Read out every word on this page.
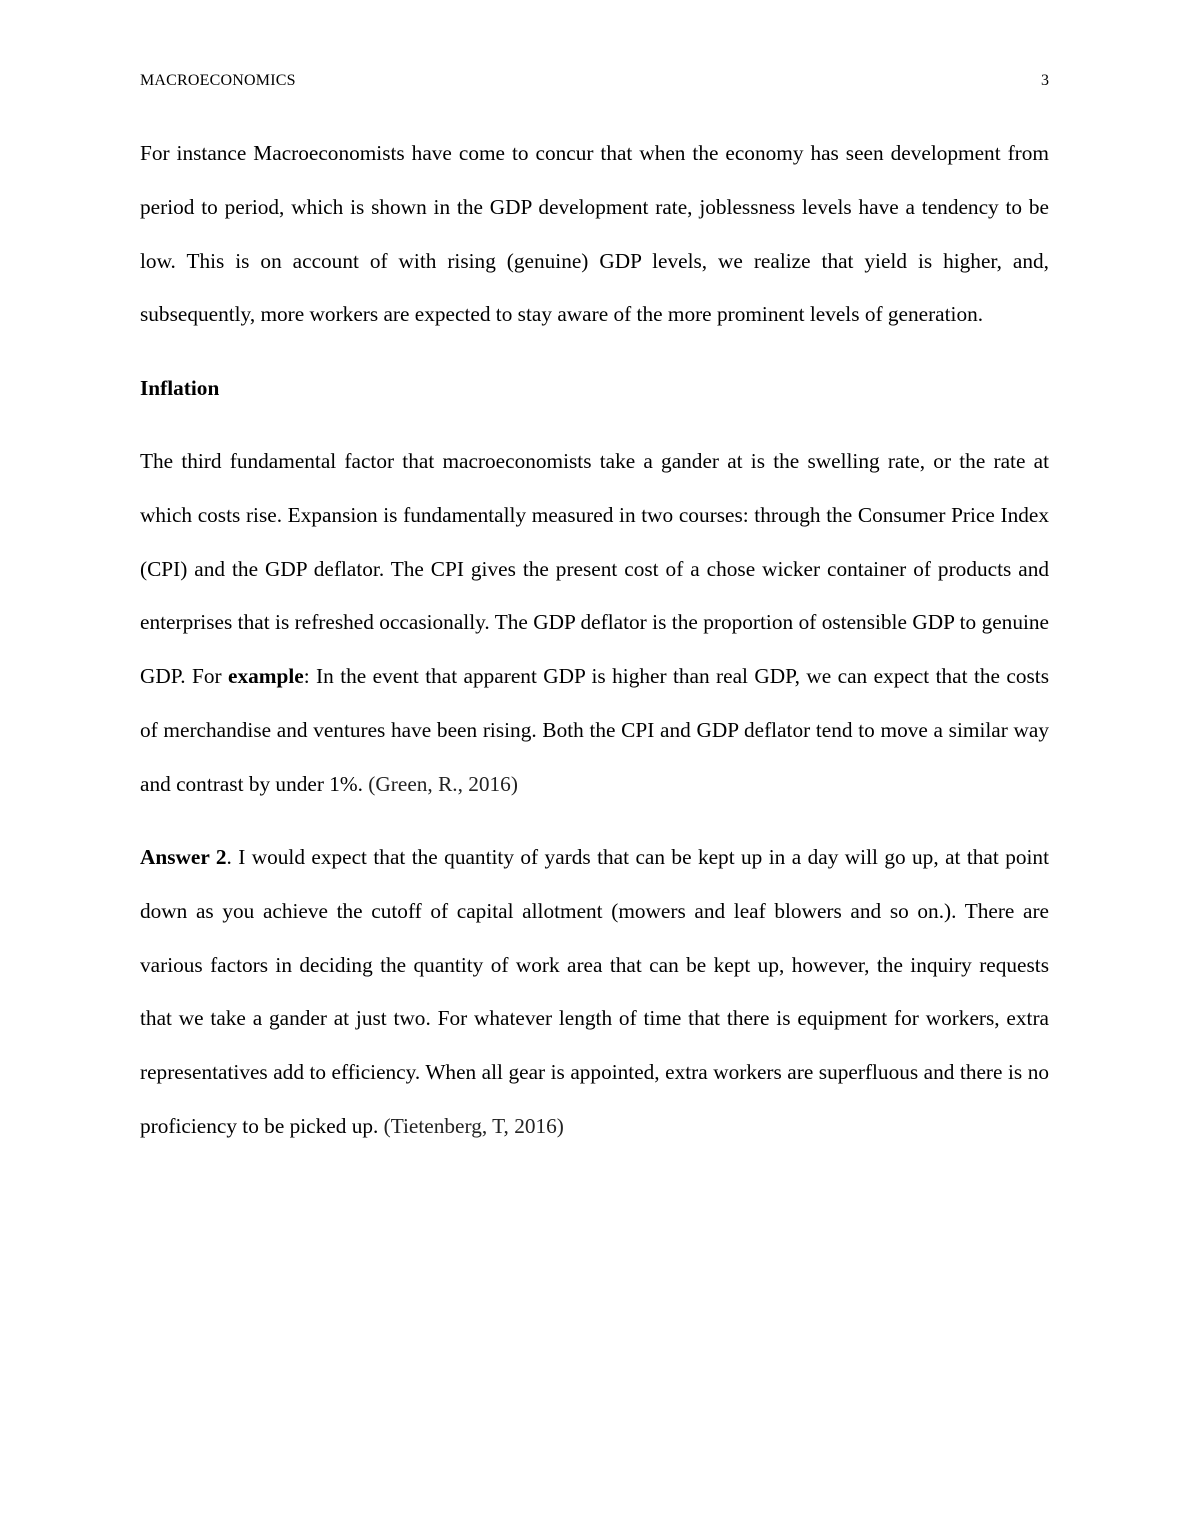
MACROECONOMICS	3

For instance Macroeconomists have come to concur that when the economy has seen development from period to period, which is shown in the GDP development rate, joblessness levels have a tendency to be low. This is on account of with rising (genuine) GDP levels, we realize that yield is higher, and, subsequently, more workers are expected to stay aware of the more prominent levels of generation.

Inflation

The third fundamental factor that macroeconomists take a gander at is the swelling rate, or the rate at which costs rise. Expansion is fundamentally measured in two courses: through the Consumer Price Index (CPI) and the GDP deflator. The CPI gives the present cost of a chose wicker container of products and enterprises that is refreshed occasionally. The GDP deflator is the proportion of ostensible GDP to genuine GDP. For example: In the event that apparent GDP is higher than real GDP, we can expect that the costs of merchandise and ventures have been rising. Both the CPI and GDP deflator tend to move a similar way and contrast by under 1%. (Green, R., 2016)

Answer 2. I would expect that the quantity of yards that can be kept up in a day will go up, at that point down as you achieve the cutoff of capital allotment (mowers and leaf blowers and so on.). There are various factors in deciding the quantity of work area that can be kept up, however, the inquiry requests that we take a gander at just two. For whatever length of time that there is equipment for workers, extra representatives add to efficiency. When all gear is appointed, extra workers are superfluous and there is no proficiency to be picked up. (Tietenberg, T, 2016)
